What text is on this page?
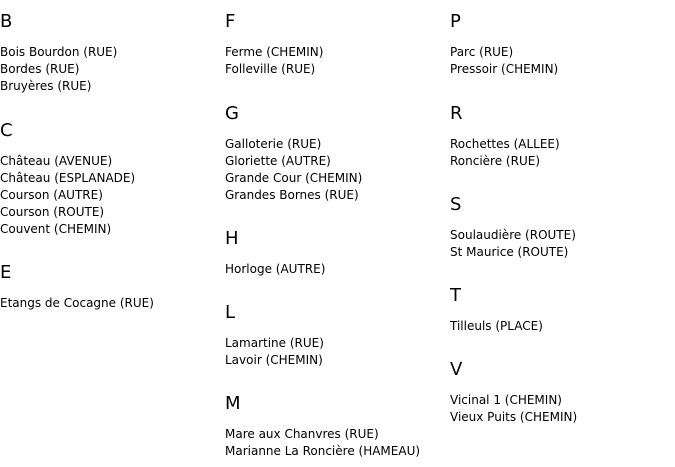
B
Bois Bourdon (RUE)
Bordes (RUE)
Bruyères (RUE)
C
Château (AVENUE)
Château (ESPLANADE)
Courson (AUTRE)
Courson (ROUTE)
Couvent (CHEMIN)
E
Etangs de Cocagne (RUE)
F
Ferme (CHEMIN)
Folleville (RUE)
G
Galloterie (RUE)
Gloriette (AUTRE)
Grande Cour (CHEMIN)
Grandes Bornes (RUE)
H
Horloge (AUTRE)
L
Lamartine (RUE)
Lavoir (CHEMIN)
M
Mare aux Chanvres (RUE)
Marianne La Roncière (HAMEAU)
P
Parc (RUE)
Pressoir (CHEMIN)
R
Rochettes (ALLEE)
Roncière (RUE)
S
Soulaudière (ROUTE)
St Maurice (ROUTE)
T
Tilleuls (PLACE)
V
Vicinal 1 (CHEMIN)
Vieux Puits (CHEMIN)
